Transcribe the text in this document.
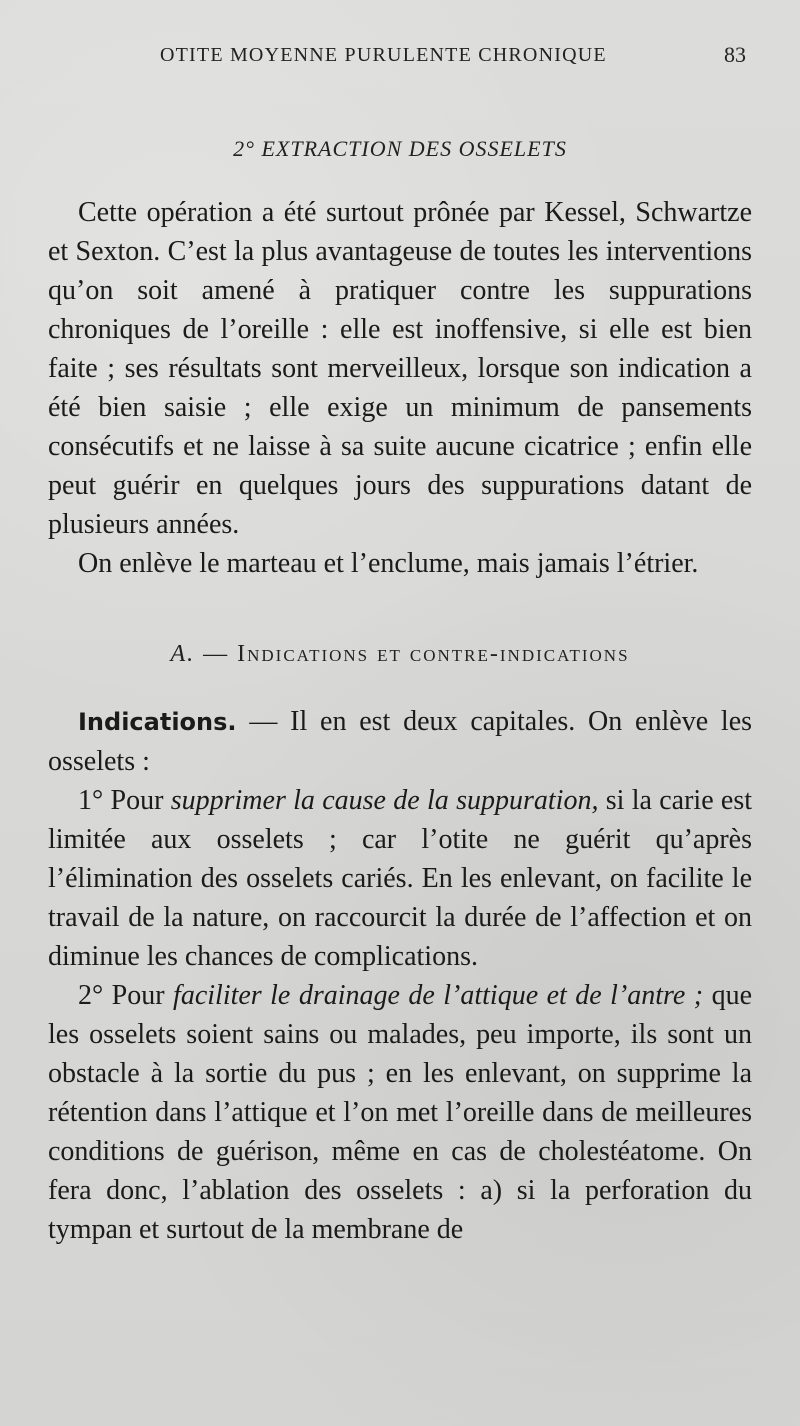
OTITE MOYENNE PURULENTE CHRONIQUE	83
2° EXTRACTION DES OSSELETS

Cette opération a été surtout prônée par Kessel, Schwartze et Sexton. C’est la plus avantageuse de toutes les interventions qu’on soit amené à pratiquer contre les suppurations chroniques de l’oreille : elle est inoffensive, si elle est bien faite ; ses résultats sont merveilleux, lorsque son indication a été bien saisie ; elle exige un minimum de pansements consécutifs et ne laisse à sa suite aucune cicatrice ; enfin elle peut guérir en quelques jours des suppurations datant de plusieurs années.

On enlève le marteau et l’enclume, mais jamais l’étrier.

A. — Indications et contre-indications

Indications. — Il en est deux capitales. On enlève les osselets :

1° Pour supprimer la cause de la suppuration, si la carie est limitée aux osselets ; car l’otite ne guérit qu’après l’élimination des osselets cariés. En les enlevant, on facilite le travail de la nature, on raccourcit la durée de l’affection et on diminue les chances de complications.

2° Pour faciliter le drainage de l’attique et de l’antre ; que les osselets soient sains ou malades, peu importe, ils sont un obstacle à la sortie du pus ; en les enlevant, on supprime la rétention dans l’attique et l’on met l’oreille dans de meilleures conditions de guérison, même en cas de cholestéatome. On fera donc, l’ablation des osselets : a) si la perforation du tympan et surtout de la membrane de
